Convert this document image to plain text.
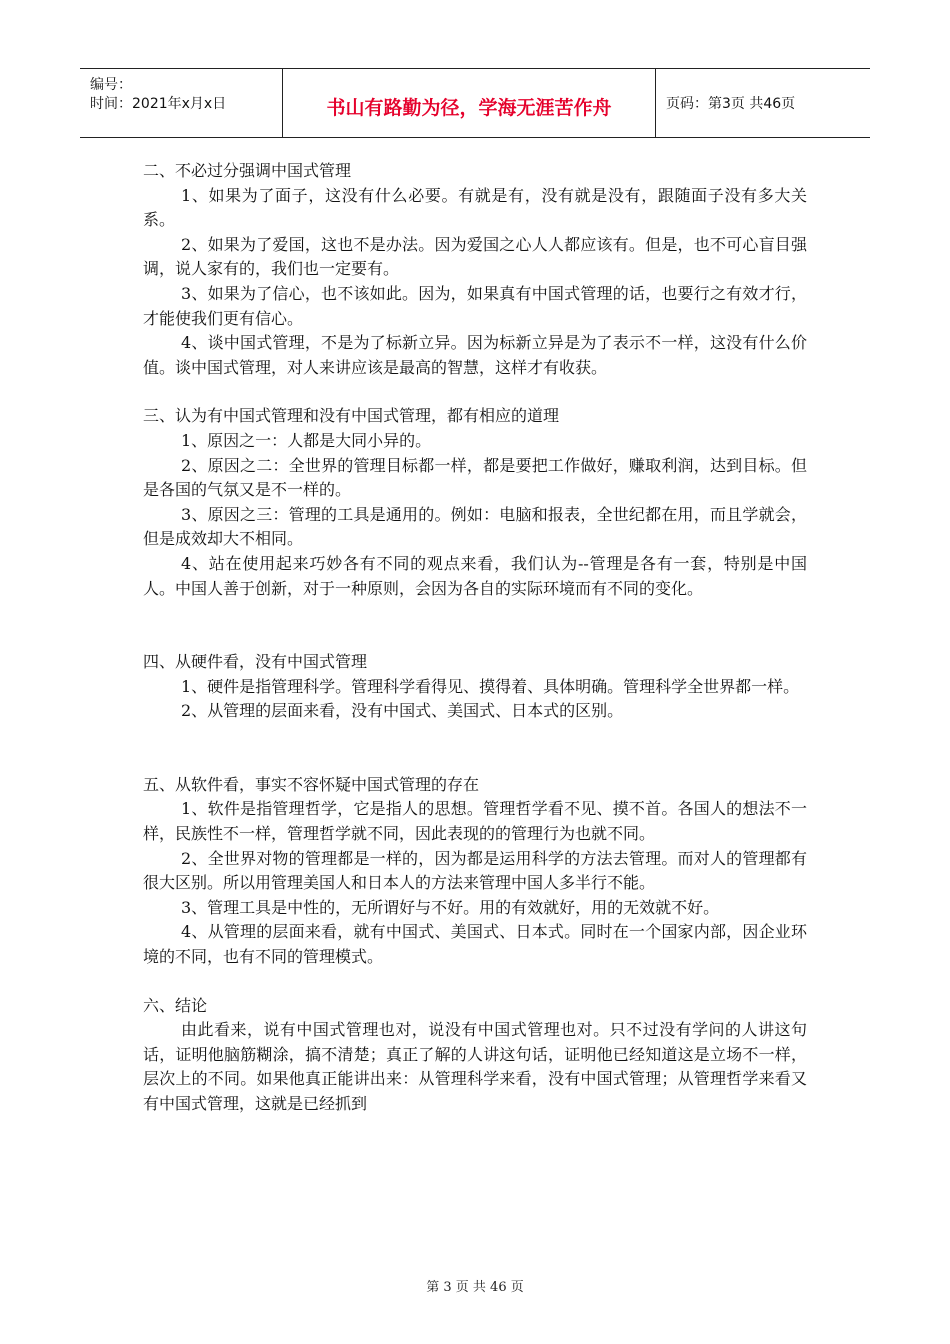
编号：
时间：2021年x月x日	书山有路勤为径，学海无涯苦作舟	页码：第3页 共46页

二、不必过分强调中国式管理

1、如果为了面子，这没有什么必要。有就是有，没有就是没有，跟随面子没有多大关系。

2、如果为了爱国，这也不是办法。因为爱国之心人人都应该有。但是，也不可心盲目强调，说人家有的，我们也一定要有。

3、如果为了信心，也不该如此。因为，如果真有中国式管理的话，也要行之有效才行，才能使我们更有信心。

4、谈中国式管理，不是为了标新立异。因为标新立异是为了表示不一样，这没有什么价值。谈中国式管理，对人来讲应该是最高的智慧，这样才有收获。

三、认为有中国式管理和没有中国式管理，都有相应的道理

1、原因之一：人都是大同小异的。

2、原因之二：全世界的管理目标都一样，都是要把工作做好，赚取利润，达到目标。但是各国的气氛又是不一样的。

3、原因之三：管理的工具是通用的。例如：电脑和报表，全世纪都在用，而且学就会，但是成效却大不相同。

4、站在使用起来巧妙各有不同的观点来看，我们认为--管理是各有一套，特别是中国人。中国人善于创新，对于一种原则，会因为各自的实际环境而有不同的变化。

四、从硬件看，没有中国式管理

1、硬件是指管理科学。管理科学看得见、摸得着、具体明确。管理科学全世界都一样。

2、从管理的层面来看，没有中国式、美国式、日本式的区别。

五、从软件看，事实不容怀疑中国式管理的存在

1、软件是指管理哲学，它是指人的思想。管理哲学看不见、摸不首。各国人的想法不一样，民族性不一样，管理哲学就不同，因此表现的的管理行为也就不同。

2、全世界对物的管理都是一样的，因为都是运用科学的方法去管理。而对人的管理都有很大区别。所以用管理美国人和日本人的方法来管理中国人多半行不能。

3、管理工具是中性的，无所谓好与不好。用的有效就好，用的无效就不好。

4、从管理的层面来看，就有中国式、美国式、日本式。同时在一个国家内部，因企业环境的不同，也有不同的管理模式。

六、结论

由此看来，说有中国式管理也对，说没有中国式管理也对。只不过没有学问的人讲这句话，证明他脑筋糊涂，搞不清楚；真正了解的人讲这句话，证明他已经知道这是立场不一样，层次上的不同。如果他真正能讲出来：从管理科学来看，没有中国式管理；从管理哲学来看又有中国式管理，这就是已经抓到

第 3 页 共 46 页
